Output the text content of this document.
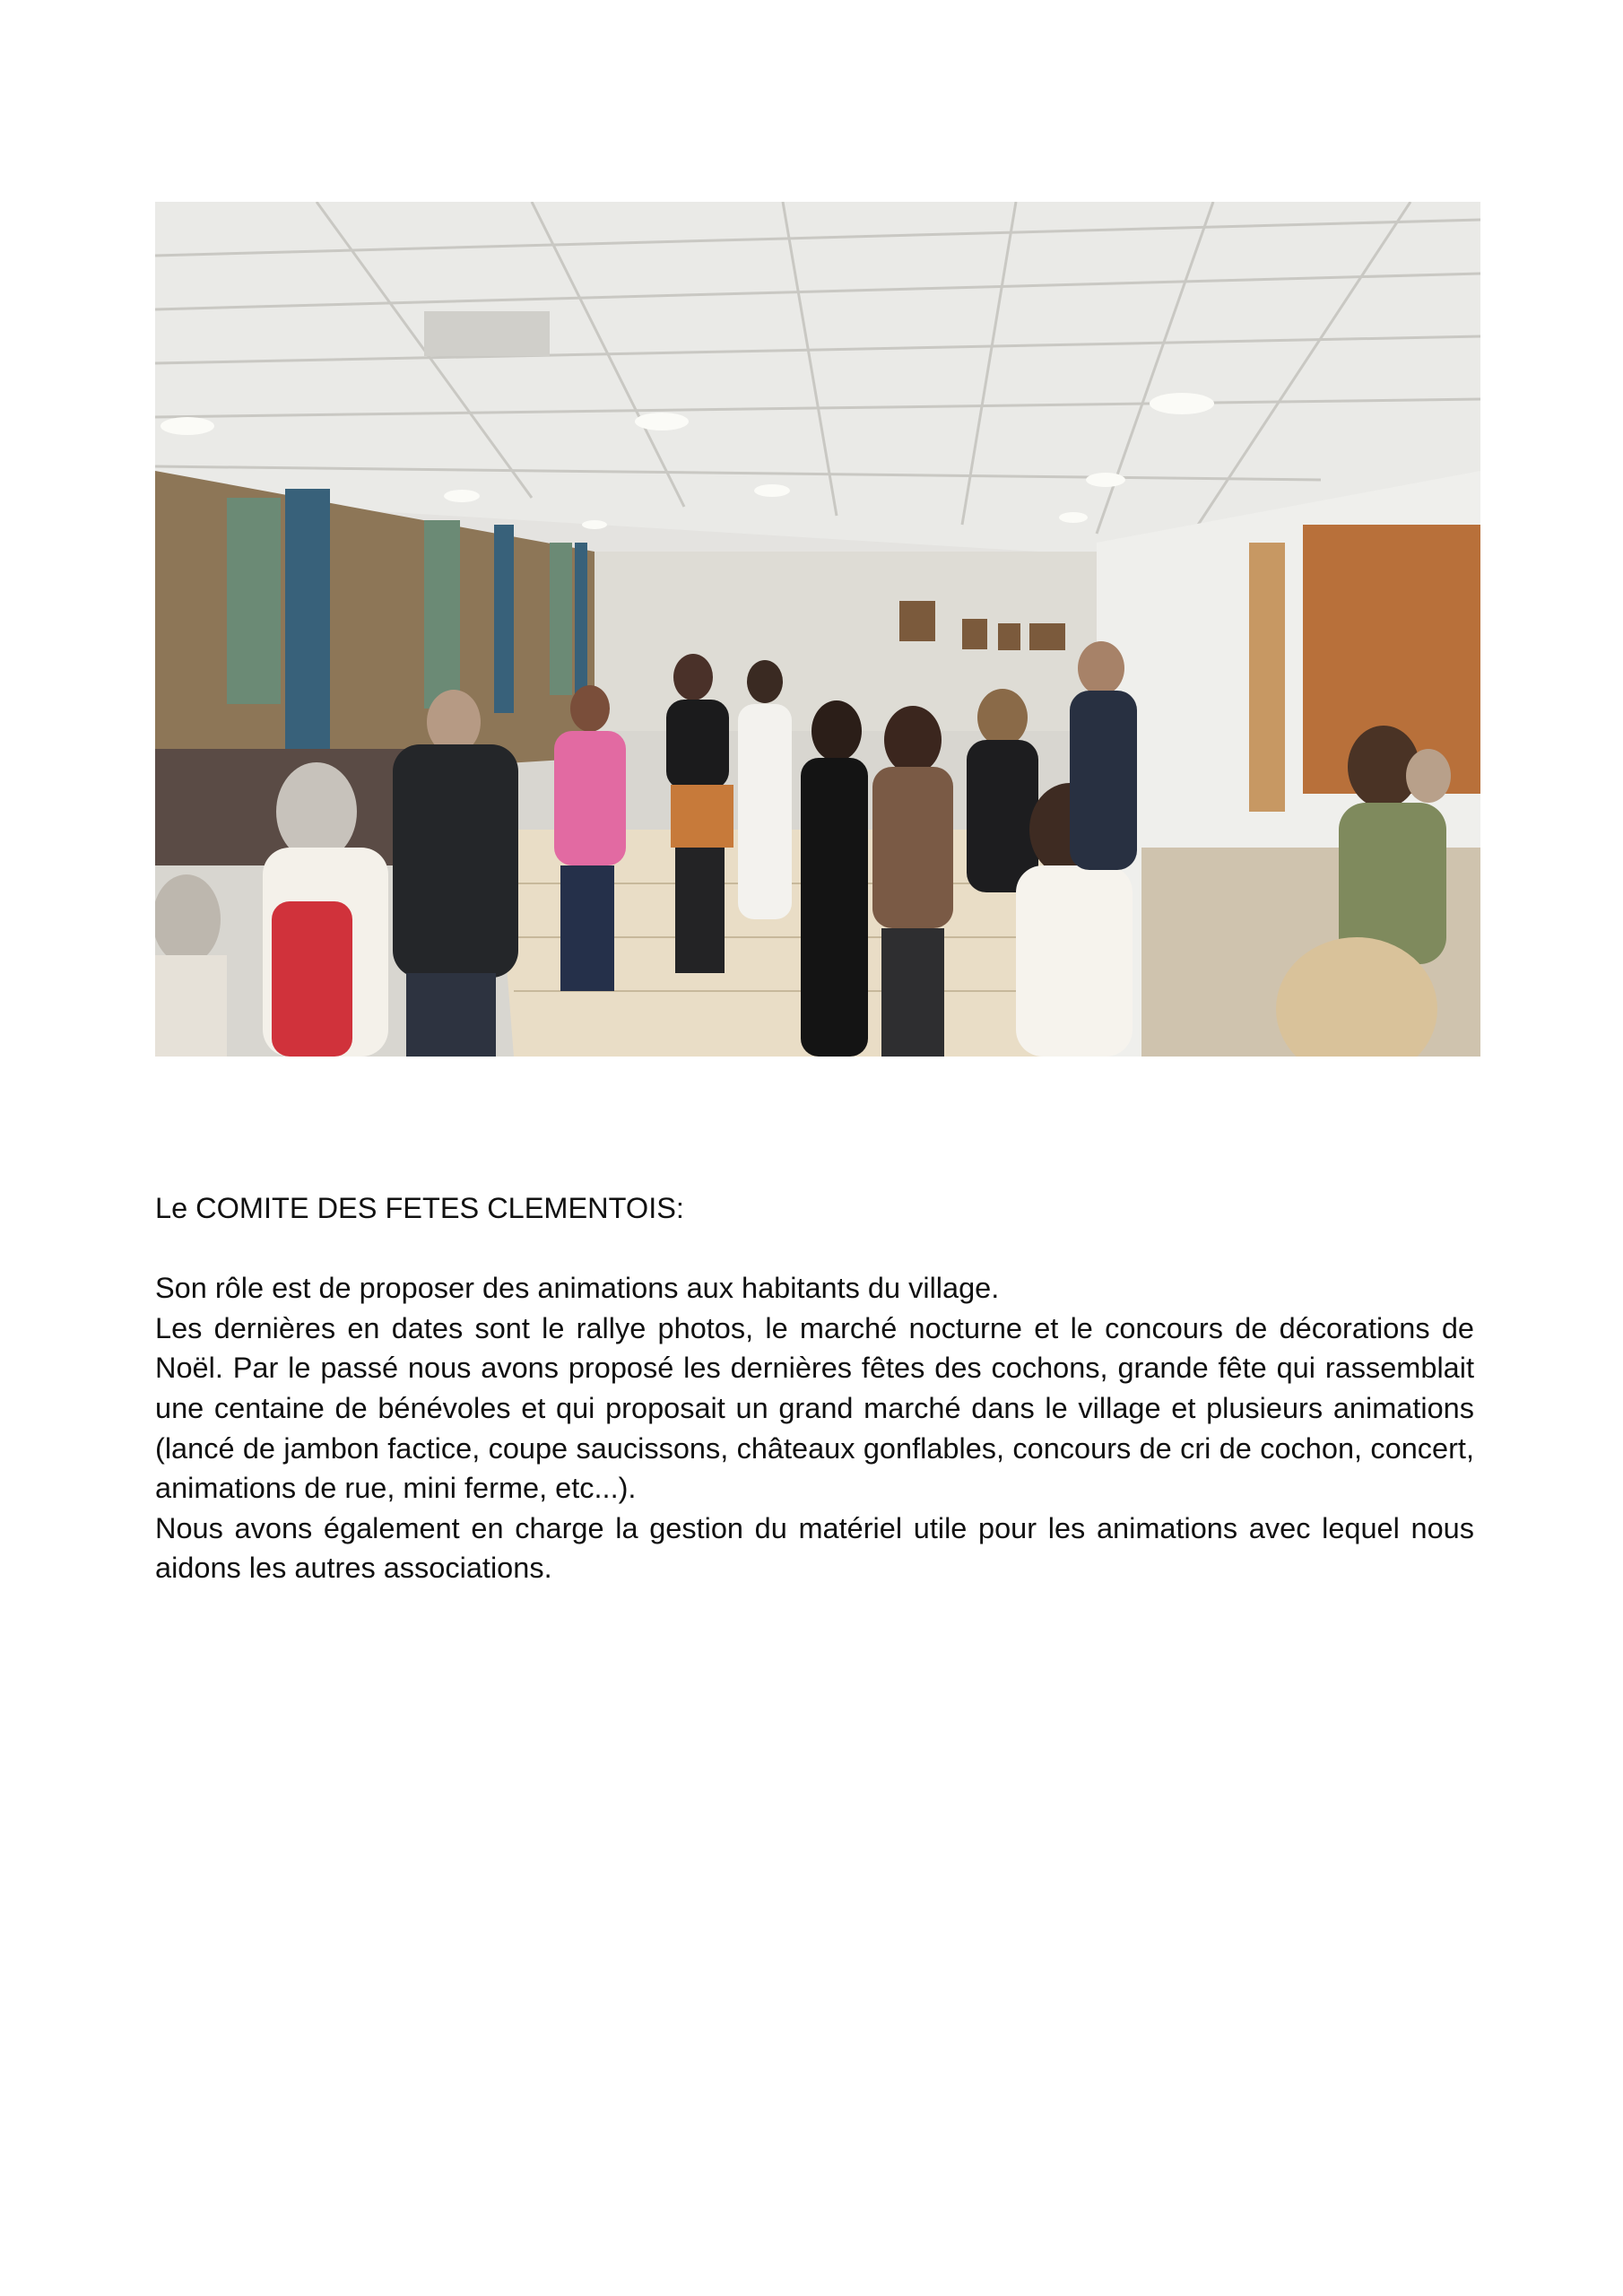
Le COMITE DES FETES CLEMENTOIS:

Son rôle est de proposer des animations aux habitants du village.

Les dernières en dates sont le rallye photos, le marché nocturne et le concours de décorations de Noël. Par le passé nous avons proposé les dernières fêtes des cochons, grande fête qui rassemblait une centaine de bénévoles et qui proposait un grand marché dans le village et plusieurs animations (lancé de jambon factice, coupe saucissons, châteaux gonflables, concours de cri de cochon, concert, animations de rue, mini ferme, etc...).

Nous avons également en charge la gestion du matériel utile pour les animations avec lequel nous aidons les autres associations.
